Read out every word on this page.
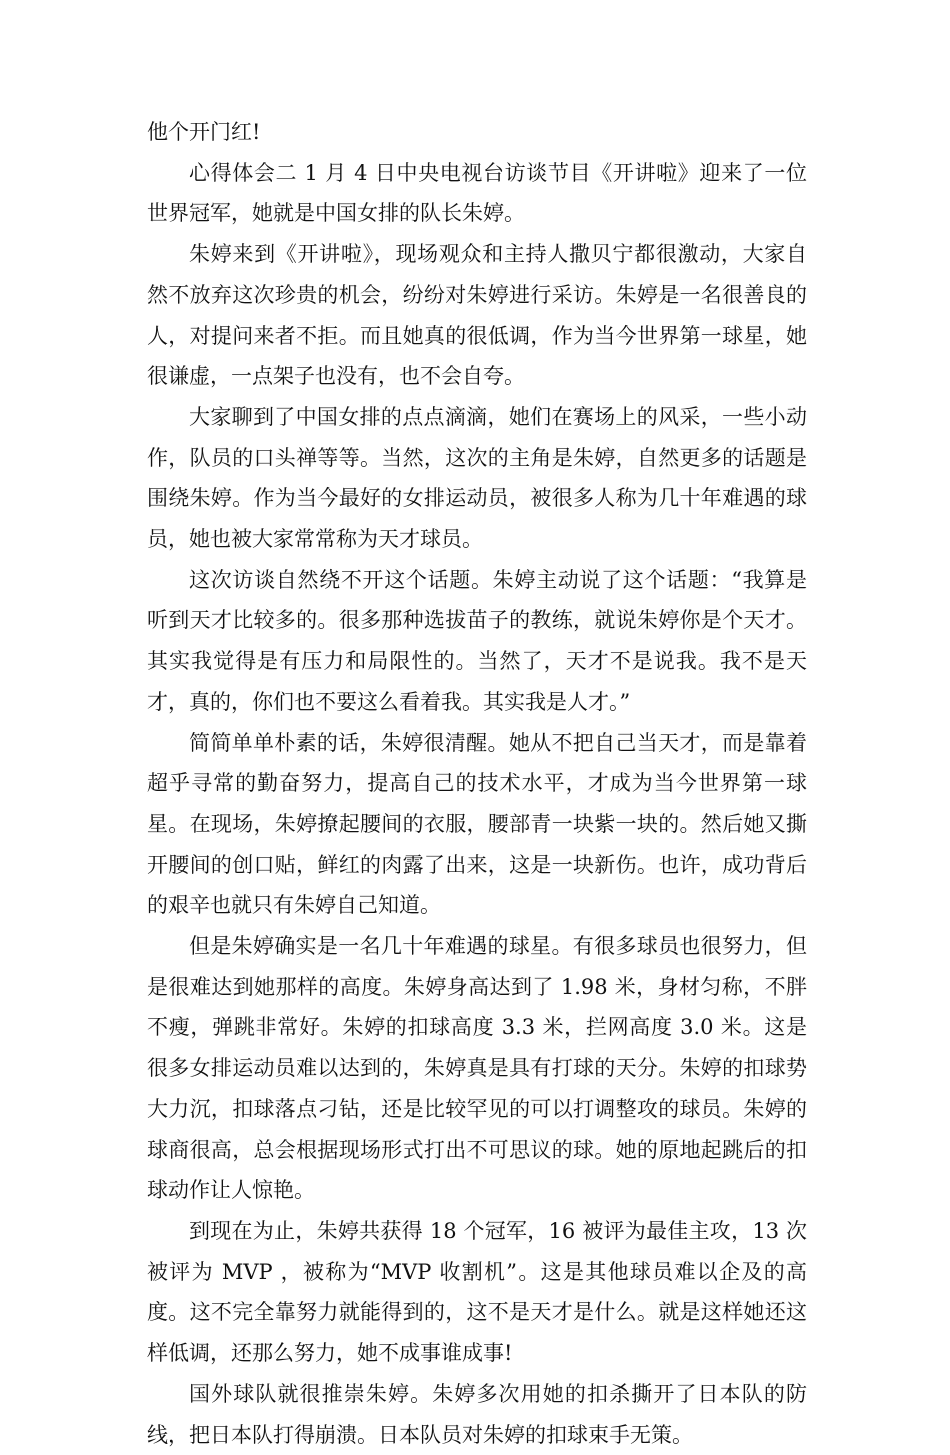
他个开门红!

心得体会二 1 月 4 日中央电视台访谈节目《开讲啦》迎来了一位世界冠军，她就是中国女排的队长朱婷。

朱婷来到《开讲啦》，现场观众和主持人撒贝宁都很激动，大家自然不放弃这次珍贵的机会，纷纷对朱婷进行采访。朱婷是一名很善良的人，对提问来者不拒。而且她真的很低调，作为当今世界第一球星，她很谦虚，一点架子也没有，也不会自夸。

大家聊到了中国女排的点点滴滴，她们在赛场上的风采，一些小动作，队员的口头禅等等。当然，这次的主角是朱婷，自然更多的话题是围绕朱婷。作为当今最好的女排运动员，被很多人称为几十年难遇的球员，她也被大家常常称为天才球员。

这次访谈自然绕不开这个话题。朱婷主动说了这个话题：“我算是听到天才比较多的。很多那种选拔苗子的教练，就说朱婷你是个天才。其实我觉得是有压力和局限性的。当然了，天才不是说我。我不是天才，真的，你们也不要这么看着我。其实我是人才。”

简简单单朴素的话，朱婷很清醒。她从不把自己当天才，而是靠着超乎寻常的勤奋努力，提高自己的技术水平，才成为当今世界第一球星。在现场，朱婷撩起腰间的衣服，腰部青一块紫一块的。然后她又撕开腰间的创口贴，鲜红的肉露了出来，这是一块新伤。也许，成功背后的艰辛也就只有朱婷自己知道。

但是朱婷确实是一名几十年难遇的球星。有很多球员也很努力，但是很难达到她那样的高度。朱婷身高达到了 1.98 米，身材匀称，不胖不瘦，弹跳非常好。朱婷的扣球高度 3.3 米，拦网高度 3.0 米。这是很多女排运动员难以达到的，朱婷真是具有打球的天分。朱婷的扣球势大力沉，扣球落点刁钻，还是比较罕见的可以打调整攻的球员。朱婷的球商很高，总会根据现场形式打出不可思议的球。她的原地起跳后的扣球动作让人惊艳。

到现在为止，朱婷共获得 18 个冠军，16 被评为最佳主攻，13 次被评为 MVP ，被称为“MVP 收割机”。这是其他球员难以企及的高度。这不完全靠努力就能得到的，这不是天才是什么。就是这样她还这样低调，还那么努力，她不成事谁成事!

国外球队就很推崇朱婷。朱婷多次用她的扣杀撕开了日本队的防线，把日本队打得崩溃。日本队员对朱婷的扣球束手无策。
